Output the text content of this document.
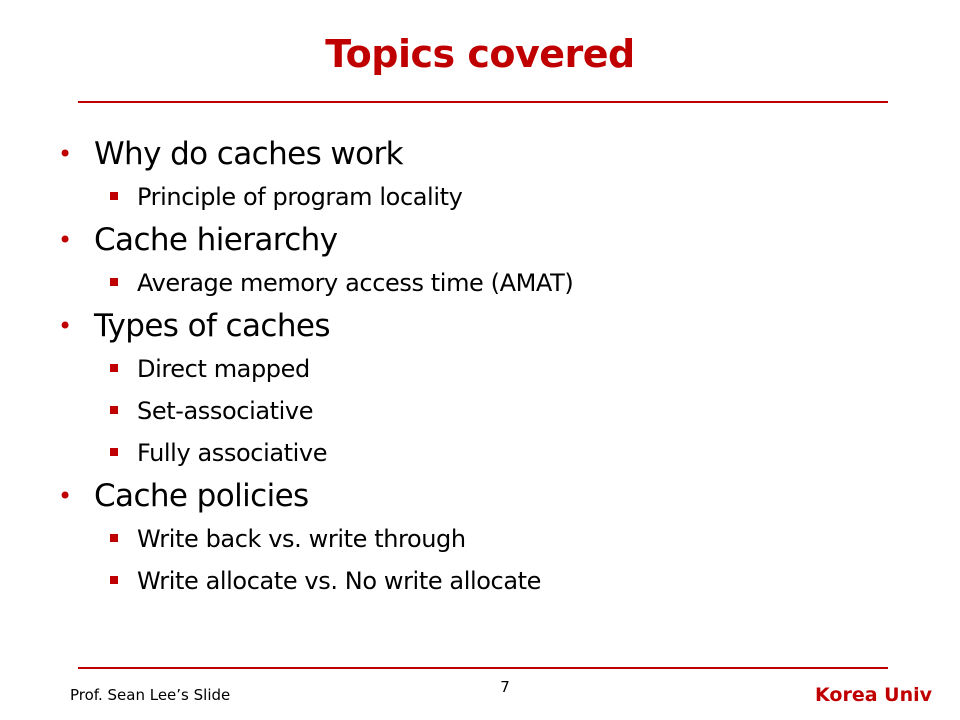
Topics covered
• Why do caches work
Principle of program locality
• Cache hierarchy
Average memory access time (AMAT)
• Types of caches
Direct mapped
Set-associative
Fully associative
• Cache policies
Write back vs. write through
Write allocate vs. No write allocate
Prof. Sean Lee’s Slide	7	Korea Univ
